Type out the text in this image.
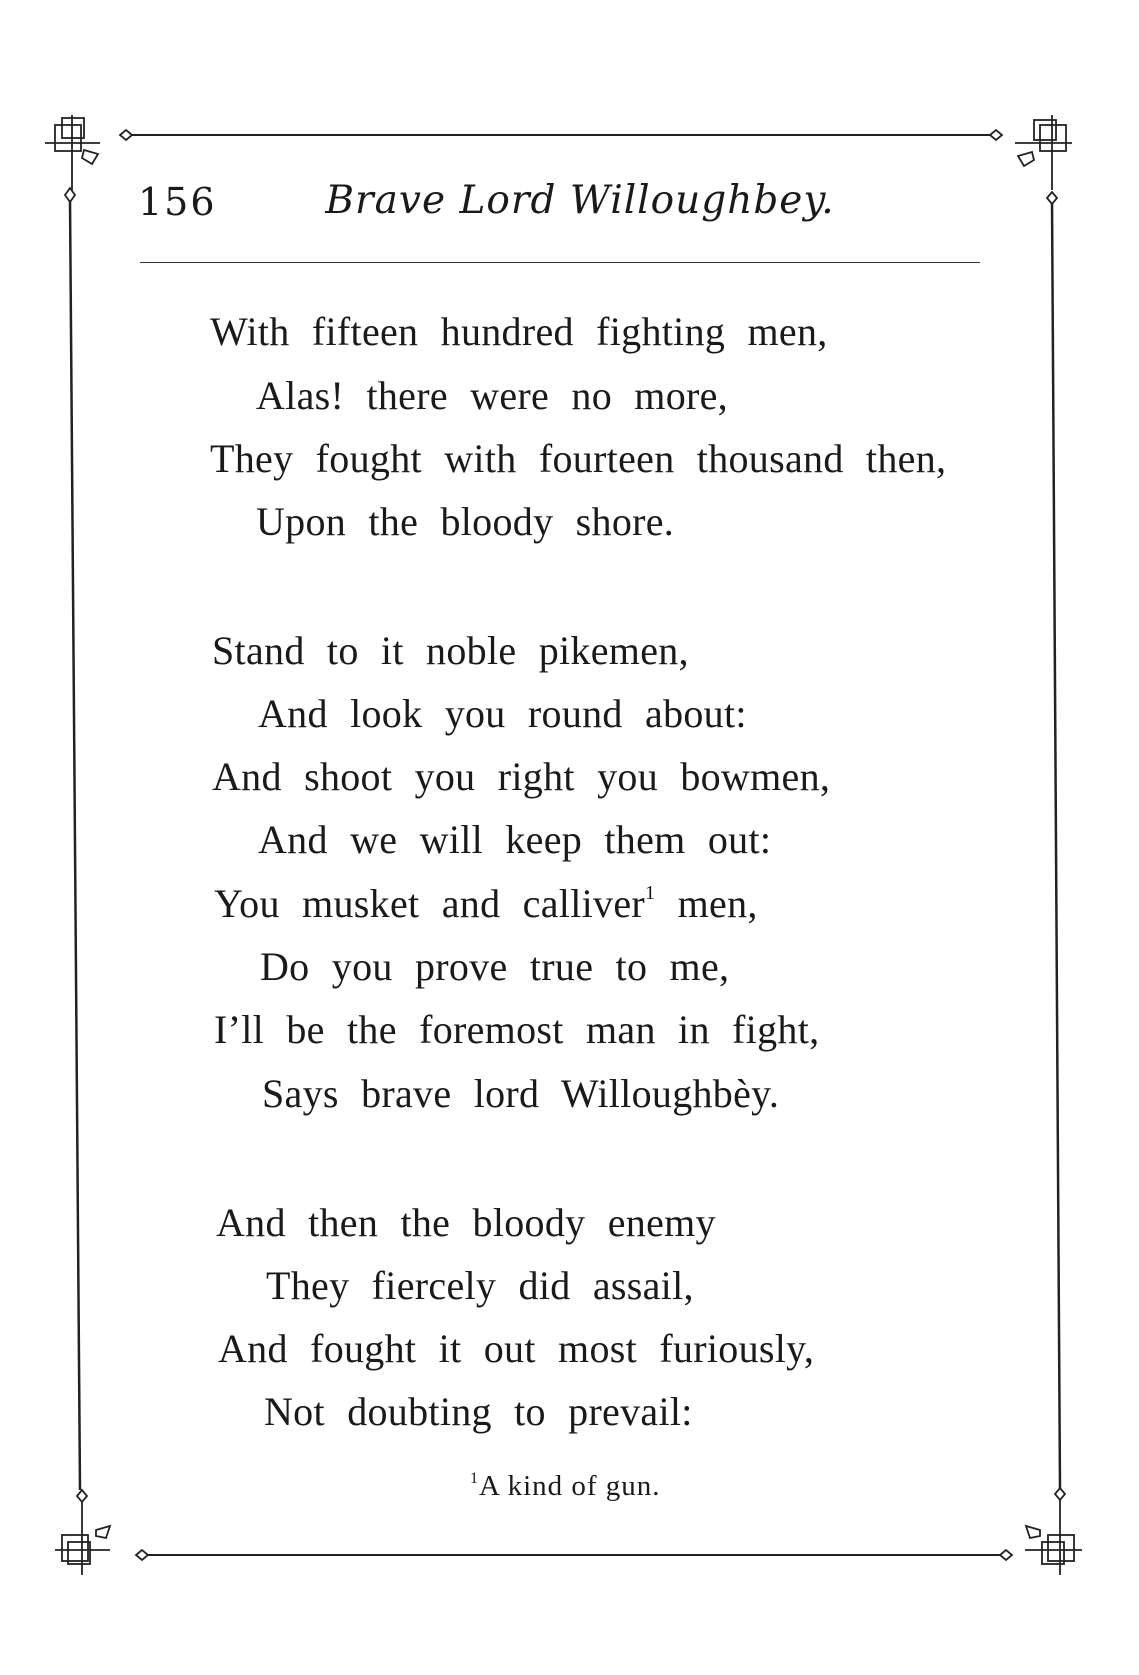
156	Brave Lord Willoughbey.
With fifteen hundred fighting men,
Alas! there were no more,
They fought with fourteen thousand then,
Upon the bloody shore.
Stand to it noble pikemen,
And look you round about:
And shoot you right you bowmen,
And we will keep them out:
You musket and calliver$^1$ men,
Do you prove true to me,
I’ll be the foremost man in fight,
Says brave lord Willoughbèy.
And then the bloody enemy
They fiercely did assail,
And fought it out most furiously,
Not doubting to prevail:
$^1$A kind of gun.
